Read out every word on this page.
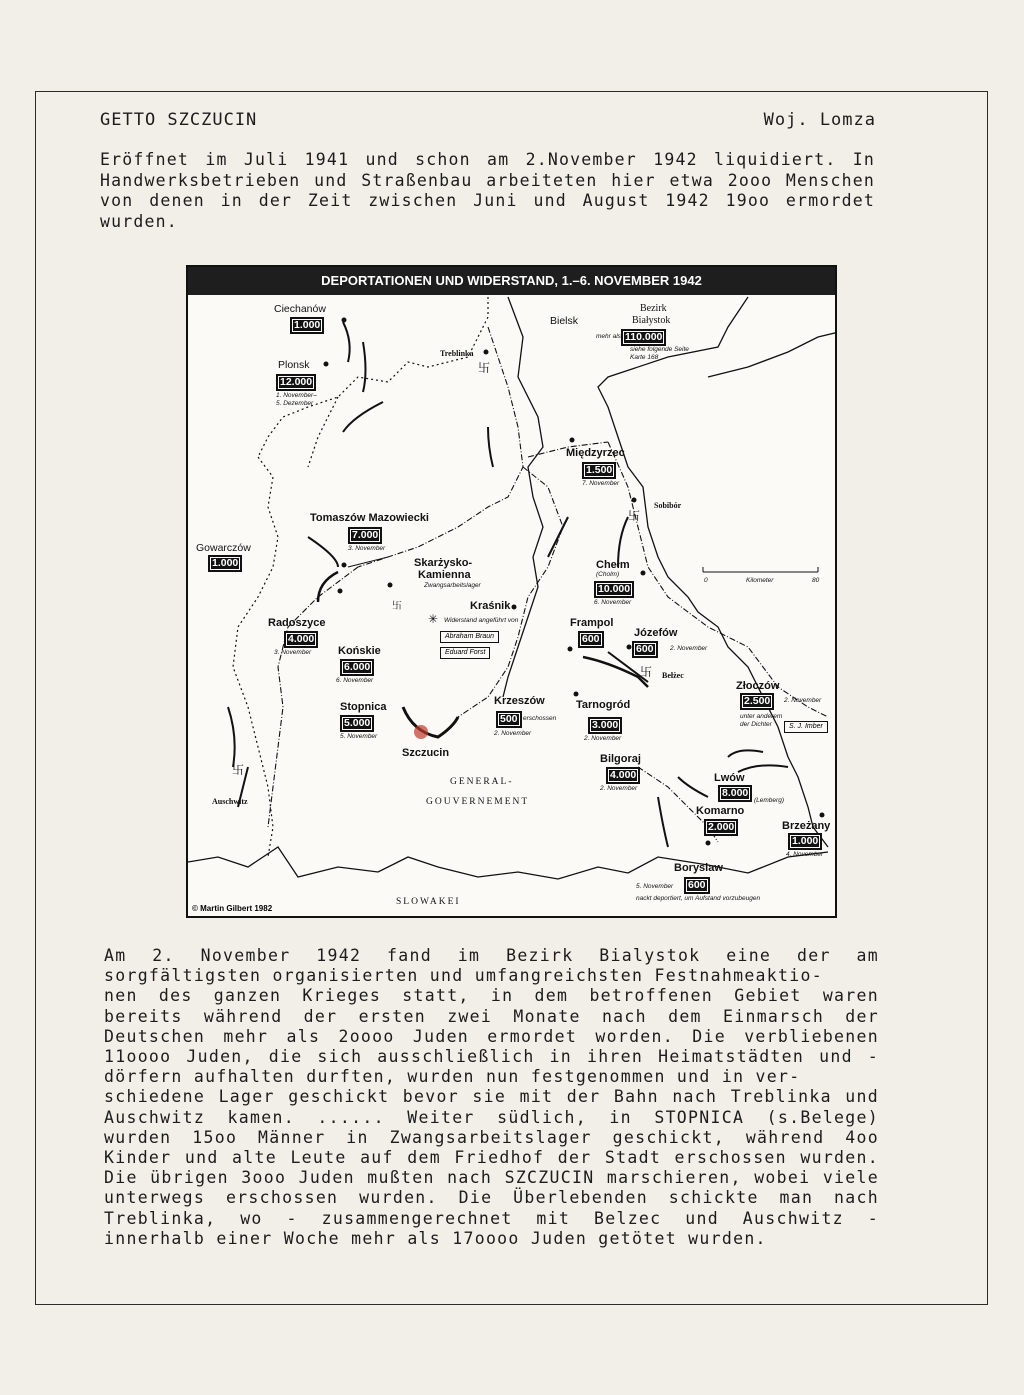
GETTO SZCZUCIN	Woj. Lomza

Eröffnet im Juli 1941 und schon am 2.November 1942 liquidiert. In Handwerksbetrieben und Straßenbau arbeiteten hier etwa 2ooo Menschen von denen in der Zeit zwischen Juni und August 1942 19oo ermordet wurden.

DEPORTATIONEN UND WIDERSTAND, 1.–6. NOVEMBER 1942
Ciechanów
1.000	Bielsk
Bezirk
Białystok
mehr als 110.000
siehe folgende Seite
Karte 168
Treblinka
卐
Plonsk
12.000
1. November–
5. Dezember
Międzyrzec
1.500
7. November
Sobibór
卐
Tomaszów Mazowiecki
7.000
3. November
Gowarczów
1.000	Skarżysko-
Kamienna
Zwangsarbeitslager
卐
Chełm
(Cholm)
10.000
6. November
0	Kilometer	80
Kraśnik
✳ Widerstand angeführt von
Abraham Braun
Eduard Forst
Radoszyce
4.000
3. November Końskie
6.000
6. November
Frampol
600	Józefów
600	2. November
卐 Bełżec
Złoczów
2.500	2. November
unter anderem
der Dichter	S. J. Imber
Stopnica
5.000
5. November
Krzeszów
500 erschossen
2. November
Tarnogród
3.000
2. November
Szczucin	Bilgoraj
4.000
2. November
Lwów
8.000
(Lemberg)
Komarno
2.000	Brzeżany
1.000
4. November
卐
Auschwitz
GENERAL-
GOUVERNEMENT
SLOWAKEI
Boryslaw
5. November	600
nackt deportiert, um Aufstand vorzubeugen
© Martin Gilbert 1982

Am 2. November 1942 fand im Bezirk Bialystok eine der am sorgfältigsten organisierten und umfangreichsten Festnahmeaktio-
nen des ganzen Krieges statt, in dem betroffenen Gebiet waren bereits während der ersten zwei Monate nach dem Einmarsch der Deutschen mehr als 2oooo Juden ermordet worden. Die verbliebenen 11oooo Juden, die sich ausschließlich in ihren Heimatstädten und -dörfern aufhalten durften, wurden nun festgenommen und in ver-
schiedene Lager geschickt bevor sie mit der Bahn nach Treblinka und Auschwitz kamen. ...... Weiter südlich, in STOPNICA (s.Belege) wurden 15oo Männer in Zwangsarbeitslager geschickt, während 4oo Kinder und alte Leute auf dem Friedhof der Stadt erschossen wurden. Die übrigen 3ooo Juden mußten nach SZCZUCIN marschieren, wobei viele unterwegs erschossen wurden. Die Überlebenden schickte man nach Treblinka, wo - zusammengerechnet mit Belzec und Auschwitz - innerhalb einer Woche mehr als 17oooo Juden getötet wurden.
